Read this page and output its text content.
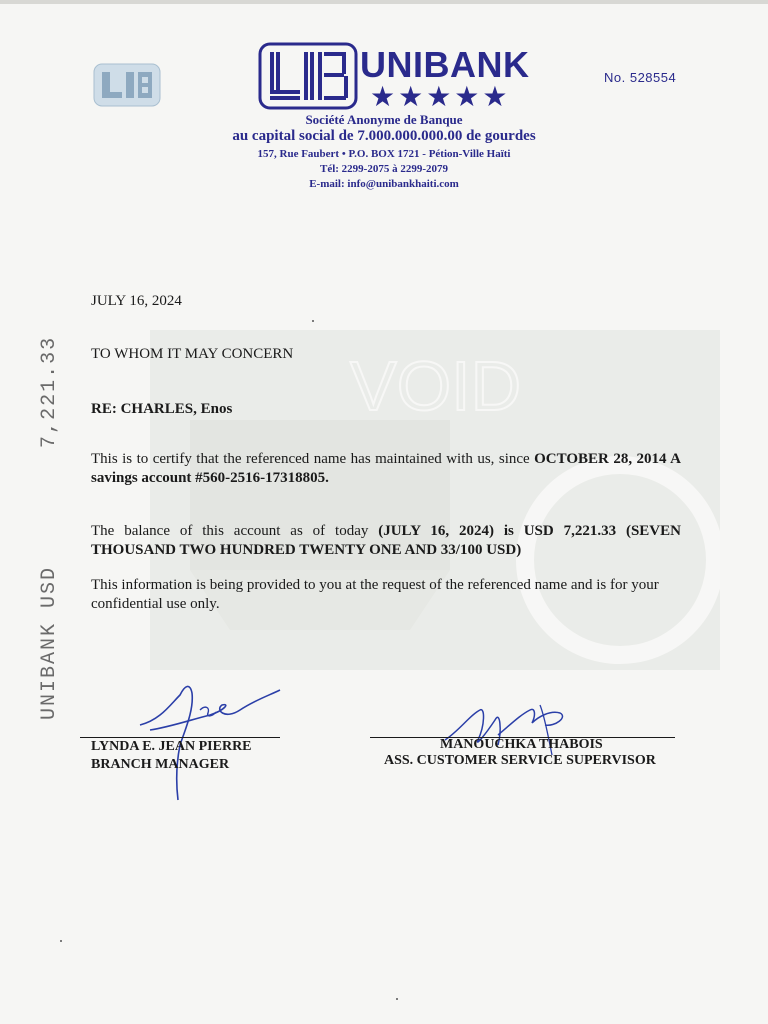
UNIBANK
★★★★★
No. 528554
Société Anonyme de Banque
au capital social de 7.000.000.000.00 de gourdes
157, Rue Faubert • P.O. BOX 1721 - Pétion-Ville Haïti
Tél: 2299-2075 à 2299-2079
E-mail: info@unibankhaiti.com
VOID
UNIBANK USD  7,221.33
JULY 16, 2024
TO WHOM IT MAY CONCERN
RE: CHARLES, Enos
This is to certify that the referenced name has maintained with us, since OCTOBER 28, 2014 A savings account #560-2516-17318805.
The balance of this account as of today (JULY 16, 2024) is USD 7,221.33 (SEVEN THOUSAND TWO HUNDRED TWENTY ONE AND 33/100 USD)
This information is being provided to you at the request of the referenced name and is for your confidential use only.
LYNDA E. JEAN PIERRE
BRANCH MANAGER
MANOUCHKA THABOIS
ASS. CUSTOMER SERVICE SUPERVISOR
